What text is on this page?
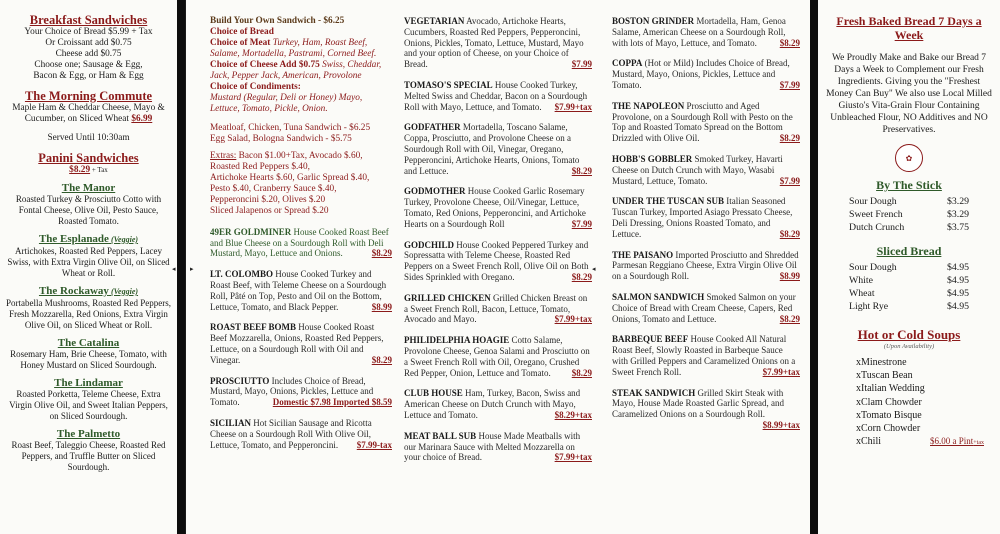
Breakfast Sandwiches
Your Choice of Bread $5.99 + Tax
Or Croissant add $0.75
Cheese add $0.75
Choose one; Sausage & Egg,
Bacon & Egg, or Ham & Egg
The Morning Commute
Maple Ham & Cheddar Cheese, Mayo & Cucumber, on Sliced Wheat $6.99
Served Until 10:30am
Panini Sandwiches
$8.29 + Tax
The Manor
Roasted Turkey & Prosciutto Cotto with Fontal Cheese, Olive Oil, Pesto Sauce, Roasted Tomato.
The Esplanade (Veggie)
Artichokes, Roasted Red Peppers, Lacey Swiss, with Extra Virgin Olive Oil, on Sliced Wheat or Roll.
The Rockaway (Veggie)
Portabella Mushrooms, Roasted Red Peppers, Fresh Mozzarella, Red Onions, Extra Virgin Olive Oil, on Sliced Wheat or Roll.
The Catalina
Rosemary Ham, Brie Cheese, Tomato, with Honey Mustard on Sliced Sourdough.
The Lindamar
Roasted Porketta, Teleme Cheese, Extra Virgin Olive Oil, and Sweet Italian Peppers, on Sliced Sourdough.
The Palmetto
Roast Beef, Taleggio Cheese, Roasted Red Peppers, and Truffle Butter on Sliced Sourdough.
◂
Build Your Own Sandwich - $6.25
Choice of Bread
Choice of Meat Turkey, Ham, Roast Beef, Salame, Mortadella, Pastrami, Corned Beef.
Choice of Cheese Add $0.75 Swiss, Cheddar, Jack, Pepper Jack, American, Provolone
Choice of Condiments:
Mustard (Regular, Deli or Honey) Mayo, Lettuce, Tomato, Pickle, Onion.
Meatloaf, Chicken, Tuna Sandwich - $6.25
Egg Salad, Bologna Sandwich - $5.75
Extras: Bacon $1.00+Tax, Avocado $.60,
Roasted Red Peppers $.40,
Artichoke Hearts $.60, Garlic Spread $.40,
Pesto $.40, Cranberry Sauce $.40,
Pepperoncini $.20, Olives $.20
Sliced Jalapenos or Spread $.20
49ER GOLDMINER House Cooked Roast Beef and Blue Cheese on a Sourdough Roll with Deli Mustard, Mayo, Lettuce and Onions.	$8.29
LT. COLOMBO House Cooked Turkey and Roast Beef, with Teleme Cheese on a Sourdough Roll, Pâté on Top, Pesto and Oil on the Bottom, Lettuce, Tomato, and Black Pepper.	$8.99
ROAST BEEF BOMB House Cooked Roast Beef Mozzarella, Onions, Roasted Red Peppers, Lettuce, on a Sourdough Roll with Oil and Vinegar.	$8.29
PROSCIUTTO Includes Choice of Bread, Mustard, Mayo, Onions, Pickles, Lettuce and Tomato.	Domestic $7.98 Imported $8.59
SICILIAN Hot Sicilian Sausage and Ricotta Cheese on a Sourdough Roll With Olive Oil, Lettuce, Tomato, and Pepperoncini. $7.99-tax
▸
VEGETARIAN Avocado, Artichoke Hearts, Cucumbers, Roasted Red Peppers, Pepperoncini, Onions, Pickles, Tomato, Lettuce, Mustard, Mayo and your option of Cheese, on your Choice of Bread.	$7.99
TOMASO'S SPECIAL House Cooked Turkey, Melted Swiss and Cheddar, Bacon on a Sourdough Roll with Mayo, Lettuce, and Tomato. $7.99+tax
GODFATHER Mortadella, Toscano Salame, Coppa, Prosciutto, and Provolone Cheese on a Sourdough Roll with Oil, Vinegar, Oregano, Pepperoncini, Artichoke Hearts, Onions, Tomato and Lettuce.	$8.29
GODMOTHER House Cooked Garlic Rosemary Turkey, Provolone Cheese, Oil/Vinegar, Lettuce, Tomato, Red Onions, Pepperoncini, and Artichoke Hearts on a Sourdough Roll	$7.99
GODCHILD House Cooked Peppered Turkey and Sopressatta with Teleme Cheese, Roasted Red Peppers on a Sweet French Roll, Olive Oil on Both Sides Sprinkled with Oregano.	$8.29
GRILLED CHICKEN Grilled Chicken Breast on a Sweet French Roll, Bacon, Lettuce, Tomato, Avocado and Mayo.	$7.99+tax
PHILIDELPHIA HOAGIE Cotto Salame, Provolone Cheese, Genoa Salami and Prosciutto on a Sweet French Roll with Oil, Oregano, Crushed Red Pepper, Onion, Lettuce and Tomato. $8.29
CLUB HOUSE Ham, Turkey, Bacon, Swiss and American Cheese on Dutch Crunch with Mayo, Lettuce and Tomato.	$8.29+tax
MEAT BALL SUB House Made Meatballs with our Marinara Sauce with Melted Mozzarella on your choice of Bread.	$7.99+tax
◂
BOSTON GRINDER Mortadella, Ham, Genoa Salame, American Cheese on a Sourdough Roll, with lots of Mayo, Lettuce, and Tomato.	$8.29
COPPA (Hot or Mild) Includes Choice of Bread, Mustard, Mayo, Onions, Pickles, Lettuce and Tomato.	$7.99
THE NAPOLEON Prosciutto and Aged Provolone, on a Sourdough Roll with Pesto on the Top and Roasted Tomato Spread on the Bottom Drizzled with Olive Oil.	$8.29
HOBB'S GOBBLER Smoked Turkey, Havarti Cheese on Dutch Crunch with Mayo, Wasabi Mustard, Lettuce, Tomato.	$7.99
UNDER THE TUSCAN SUB Italian Seasoned Tuscan Turkey, Imported Asiago Pressato Cheese, Deli Dressing, Onions Roasted Tomato, and Lettuce.	$8.29
THE PAISANO Imported Prosciutto and Shredded Parmesan Reggiano Cheese, Extra Virgin Olive Oil on a Sourdough Roll.	$8.99
SALMON SANDWICH Smoked Salmon on your Choice of Bread with Cream Cheese, Capers, Red Onions, Tomato and Lettuce.	$8.29
BARBEQUE BEEF House Cooked All Natural Roast Beef, Slowly Roasted in Barbeque Sauce with Grilled Peppers and Caramelized Onions on a Sweet French Roll.	$7.99+tax
STEAK SANDWICH Grilled Skirt Steak with Mayo, House Made Roasted Garlic Spread, and Caramelized Onions on a Sourdough Roll.
$8.99+tax
Fresh Baked Bread 7 Days a Week
We Proudly Make and Bake our Bread 7 Days a Week to Complement our Fresh Ingredients. Giving you the "Freshest Money Can Buy" We also use Local Milled Giusto's Vita-Grain Flour Containing Unbleached Flour, NO Additives and NO Preservatives.
✿
By The Stick
Sour Dough	$3.29
Sweet French	$3.29
Dutch Crunch	$3.75
Sliced Bread
Sour Dough	$4.95
White	$4.95
Wheat	$4.95
Light Rye	$4.95
Hot or Cold Soups
(Upon Availability)
xMinestrone
xTuscan Bean
xItalian Wedding
xClam Chowder
xTomato Bisque
xCorn Chowder
xChili	$6.00 a Pint+tax
